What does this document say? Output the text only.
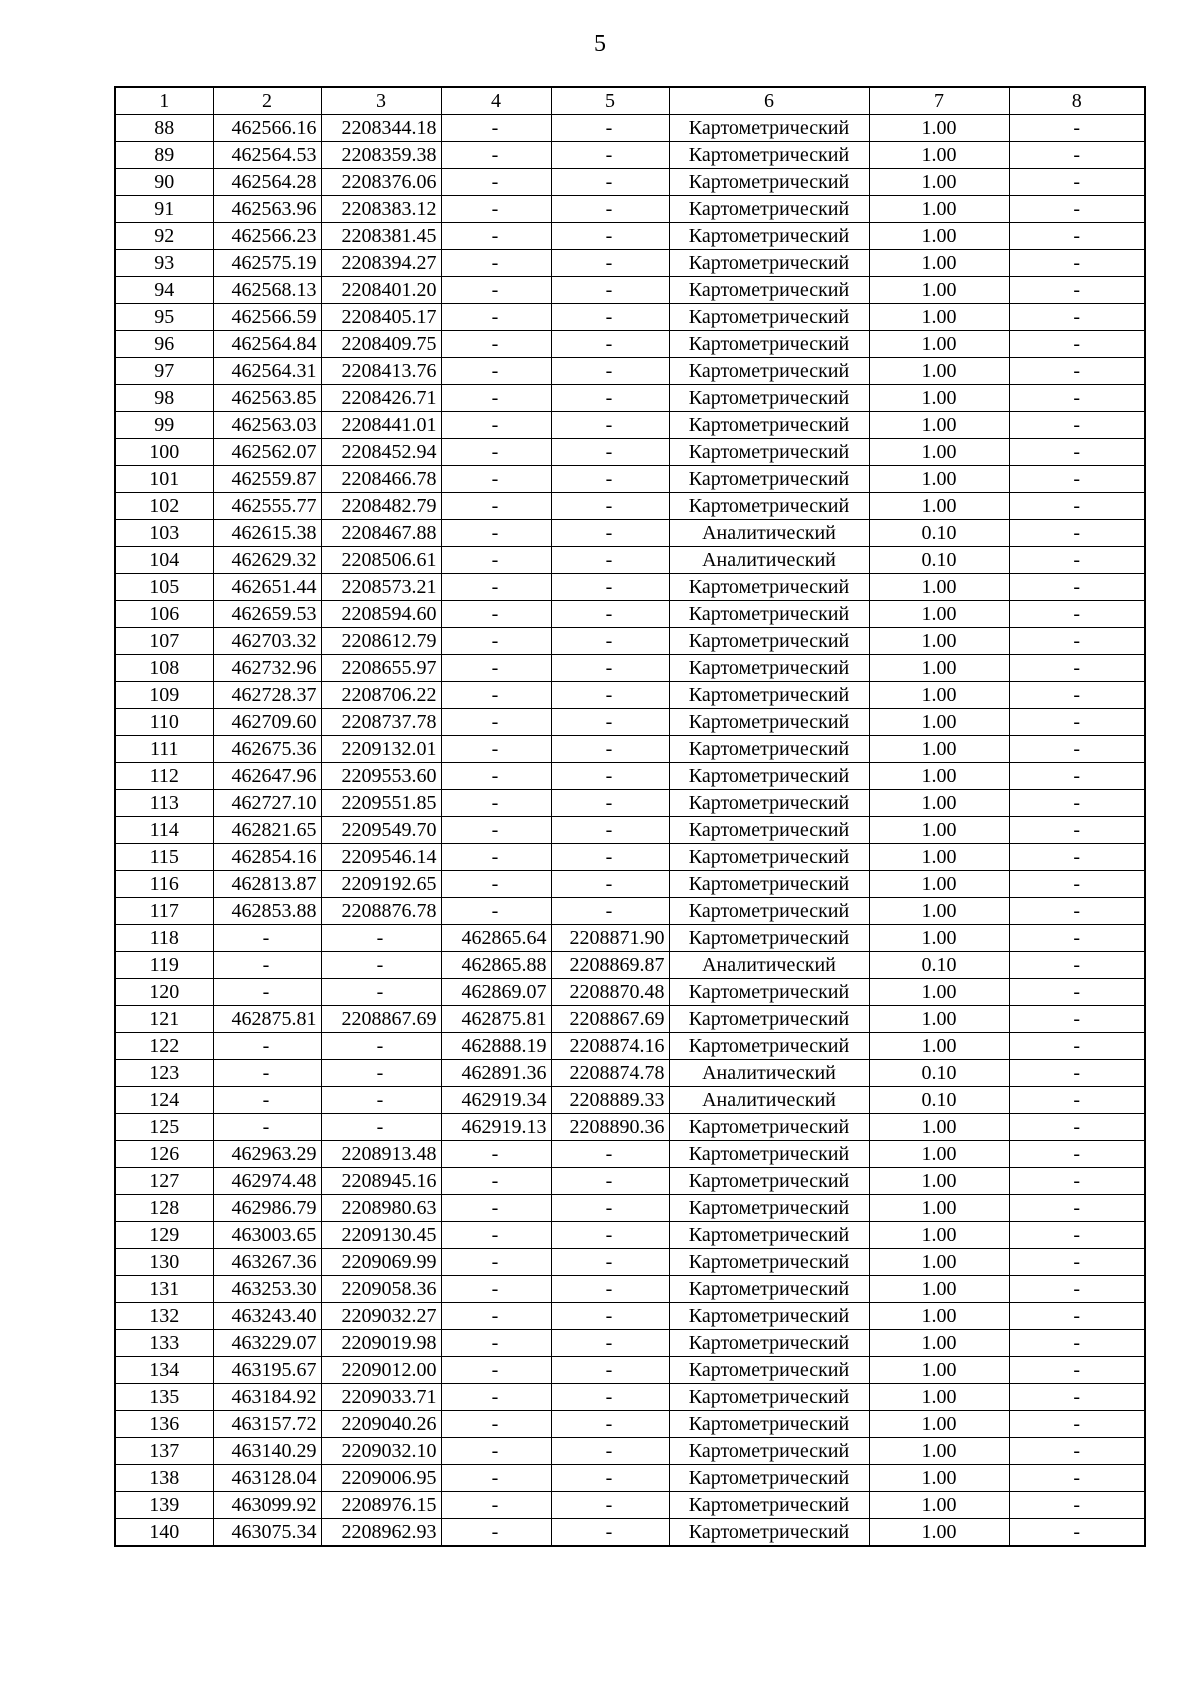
5
1	2	3	4	5	6	7	8
88	462566.16	2208344.18	-	-	Картометрический	1.00	-
89	462564.53	2208359.38	-	-	Картометрический	1.00	-
90	462564.28	2208376.06	-	-	Картометрический	1.00	-
91	462563.96	2208383.12	-	-	Картометрический	1.00	-
92	462566.23	2208381.45	-	-	Картометрический	1.00	-
93	462575.19	2208394.27	-	-	Картометрический	1.00	-
94	462568.13	2208401.20	-	-	Картометрический	1.00	-
95	462566.59	2208405.17	-	-	Картометрический	1.00	-
96	462564.84	2208409.75	-	-	Картометрический	1.00	-
97	462564.31	2208413.76	-	-	Картометрический	1.00	-
98	462563.85	2208426.71	-	-	Картометрический	1.00	-
99	462563.03	2208441.01	-	-	Картометрический	1.00	-
100	462562.07	2208452.94	-	-	Картометрический	1.00	-
101	462559.87	2208466.78	-	-	Картометрический	1.00	-
102	462555.77	2208482.79	-	-	Картометрический	1.00	-
103	462615.38	2208467.88	-	-	Аналитический	0.10	-
104	462629.32	2208506.61	-	-	Аналитический	0.10	-
105	462651.44	2208573.21	-	-	Картометрический	1.00	-
106	462659.53	2208594.60	-	-	Картометрический	1.00	-
107	462703.32	2208612.79	-	-	Картометрический	1.00	-
108	462732.96	2208655.97	-	-	Картометрический	1.00	-
109	462728.37	2208706.22	-	-	Картометрический	1.00	-
110	462709.60	2208737.78	-	-	Картометрический	1.00	-
111	462675.36	2209132.01	-	-	Картометрический	1.00	-
112	462647.96	2209553.60	-	-	Картометрический	1.00	-
113	462727.10	2209551.85	-	-	Картометрический	1.00	-
114	462821.65	2209549.70	-	-	Картометрический	1.00	-
115	462854.16	2209546.14	-	-	Картометрический	1.00	-
116	462813.87	2209192.65	-	-	Картометрический	1.00	-
117	462853.88	2208876.78	-	-	Картометрический	1.00	-
118	-	-	462865.64	2208871.90	Картометрический	1.00	-
119	-	-	462865.88	2208869.87	Аналитический	0.10	-
120	-	-	462869.07	2208870.48	Картометрический	1.00	-
121	462875.81	2208867.69	462875.81	2208867.69	Картометрический	1.00	-
122	-	-	462888.19	2208874.16	Картометрический	1.00	-
123	-	-	462891.36	2208874.78	Аналитический	0.10	-
124	-	-	462919.34	2208889.33	Аналитический	0.10	-
125	-	-	462919.13	2208890.36	Картометрический	1.00	-
126	462963.29	2208913.48	-	-	Картометрический	1.00	-
127	462974.48	2208945.16	-	-	Картометрический	1.00	-
128	462986.79	2208980.63	-	-	Картометрический	1.00	-
129	463003.65	2209130.45	-	-	Картометрический	1.00	-
130	463267.36	2209069.99	-	-	Картометрический	1.00	-
131	463253.30	2209058.36	-	-	Картометрический	1.00	-
132	463243.40	2209032.27	-	-	Картометрический	1.00	-
133	463229.07	2209019.98	-	-	Картометрический	1.00	-
134	463195.67	2209012.00	-	-	Картометрический	1.00	-
135	463184.92	2209033.71	-	-	Картометрический	1.00	-
136	463157.72	2209040.26	-	-	Картометрический	1.00	-
137	463140.29	2209032.10	-	-	Картометрический	1.00	-
138	463128.04	2209006.95	-	-	Картометрический	1.00	-
139	463099.92	2208976.15	-	-	Картометрический	1.00	-
140	463075.34	2208962.93	-	-	Картометрический	1.00	-
